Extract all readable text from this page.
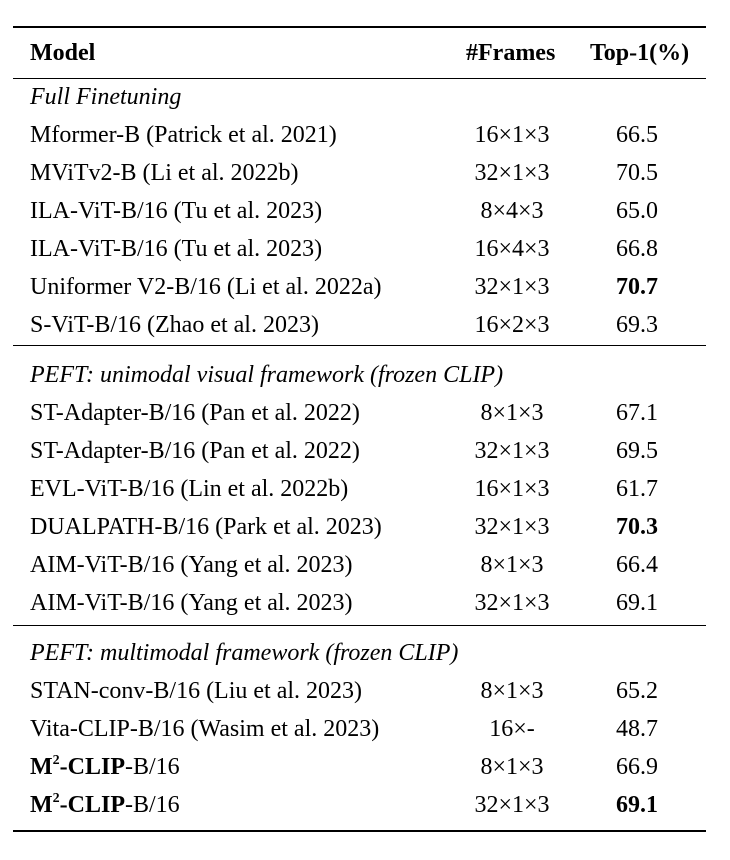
Model	#Frames	Top-1(%)
Full Finetuning		
Mformer-B (Patrick et al. 2021)	16×1×3	66.5
MViTv2-B (Li et al. 2022b)	32×1×3	70.5
ILA-ViT-B/16 (Tu et al. 2023)	8×4×3	65.0
ILA-ViT-B/16 (Tu et al. 2023)	16×4×3	66.8
Uniformer V2-B/16 (Li et al. 2022a)	32×1×3	70.7
S-ViT-B/16 (Zhao et al. 2023)	16×2×3	69.3

PEFT: unimodal visual framework (frozen CLIP)		
ST-Adapter-B/16 (Pan et al. 2022)	8×1×3	67.1
ST-Adapter-B/16 (Pan et al. 2022)	32×1×3	69.5
EVL-ViT-B/16 (Lin et al. 2022b)	16×1×3	61.7
DUALPATH-B/16 (Park et al. 2023)	32×1×3	70.3
AIM-ViT-B/16 (Yang et al. 2023)	8×1×3	66.4
AIM-ViT-B/16 (Yang et al. 2023)	32×1×3	69.1

PEFT: multimodal framework (frozen CLIP)		
STAN-conv-B/16 (Liu et al. 2023)	8×1×3	65.2
Vita-CLIP-B/16 (Wasim et al. 2023)	16×-	48.7
$M^2-CLIP-B/16$	8×1×3	66.9
$M^2-CLIP-B/16$	32×1×3	69.1
